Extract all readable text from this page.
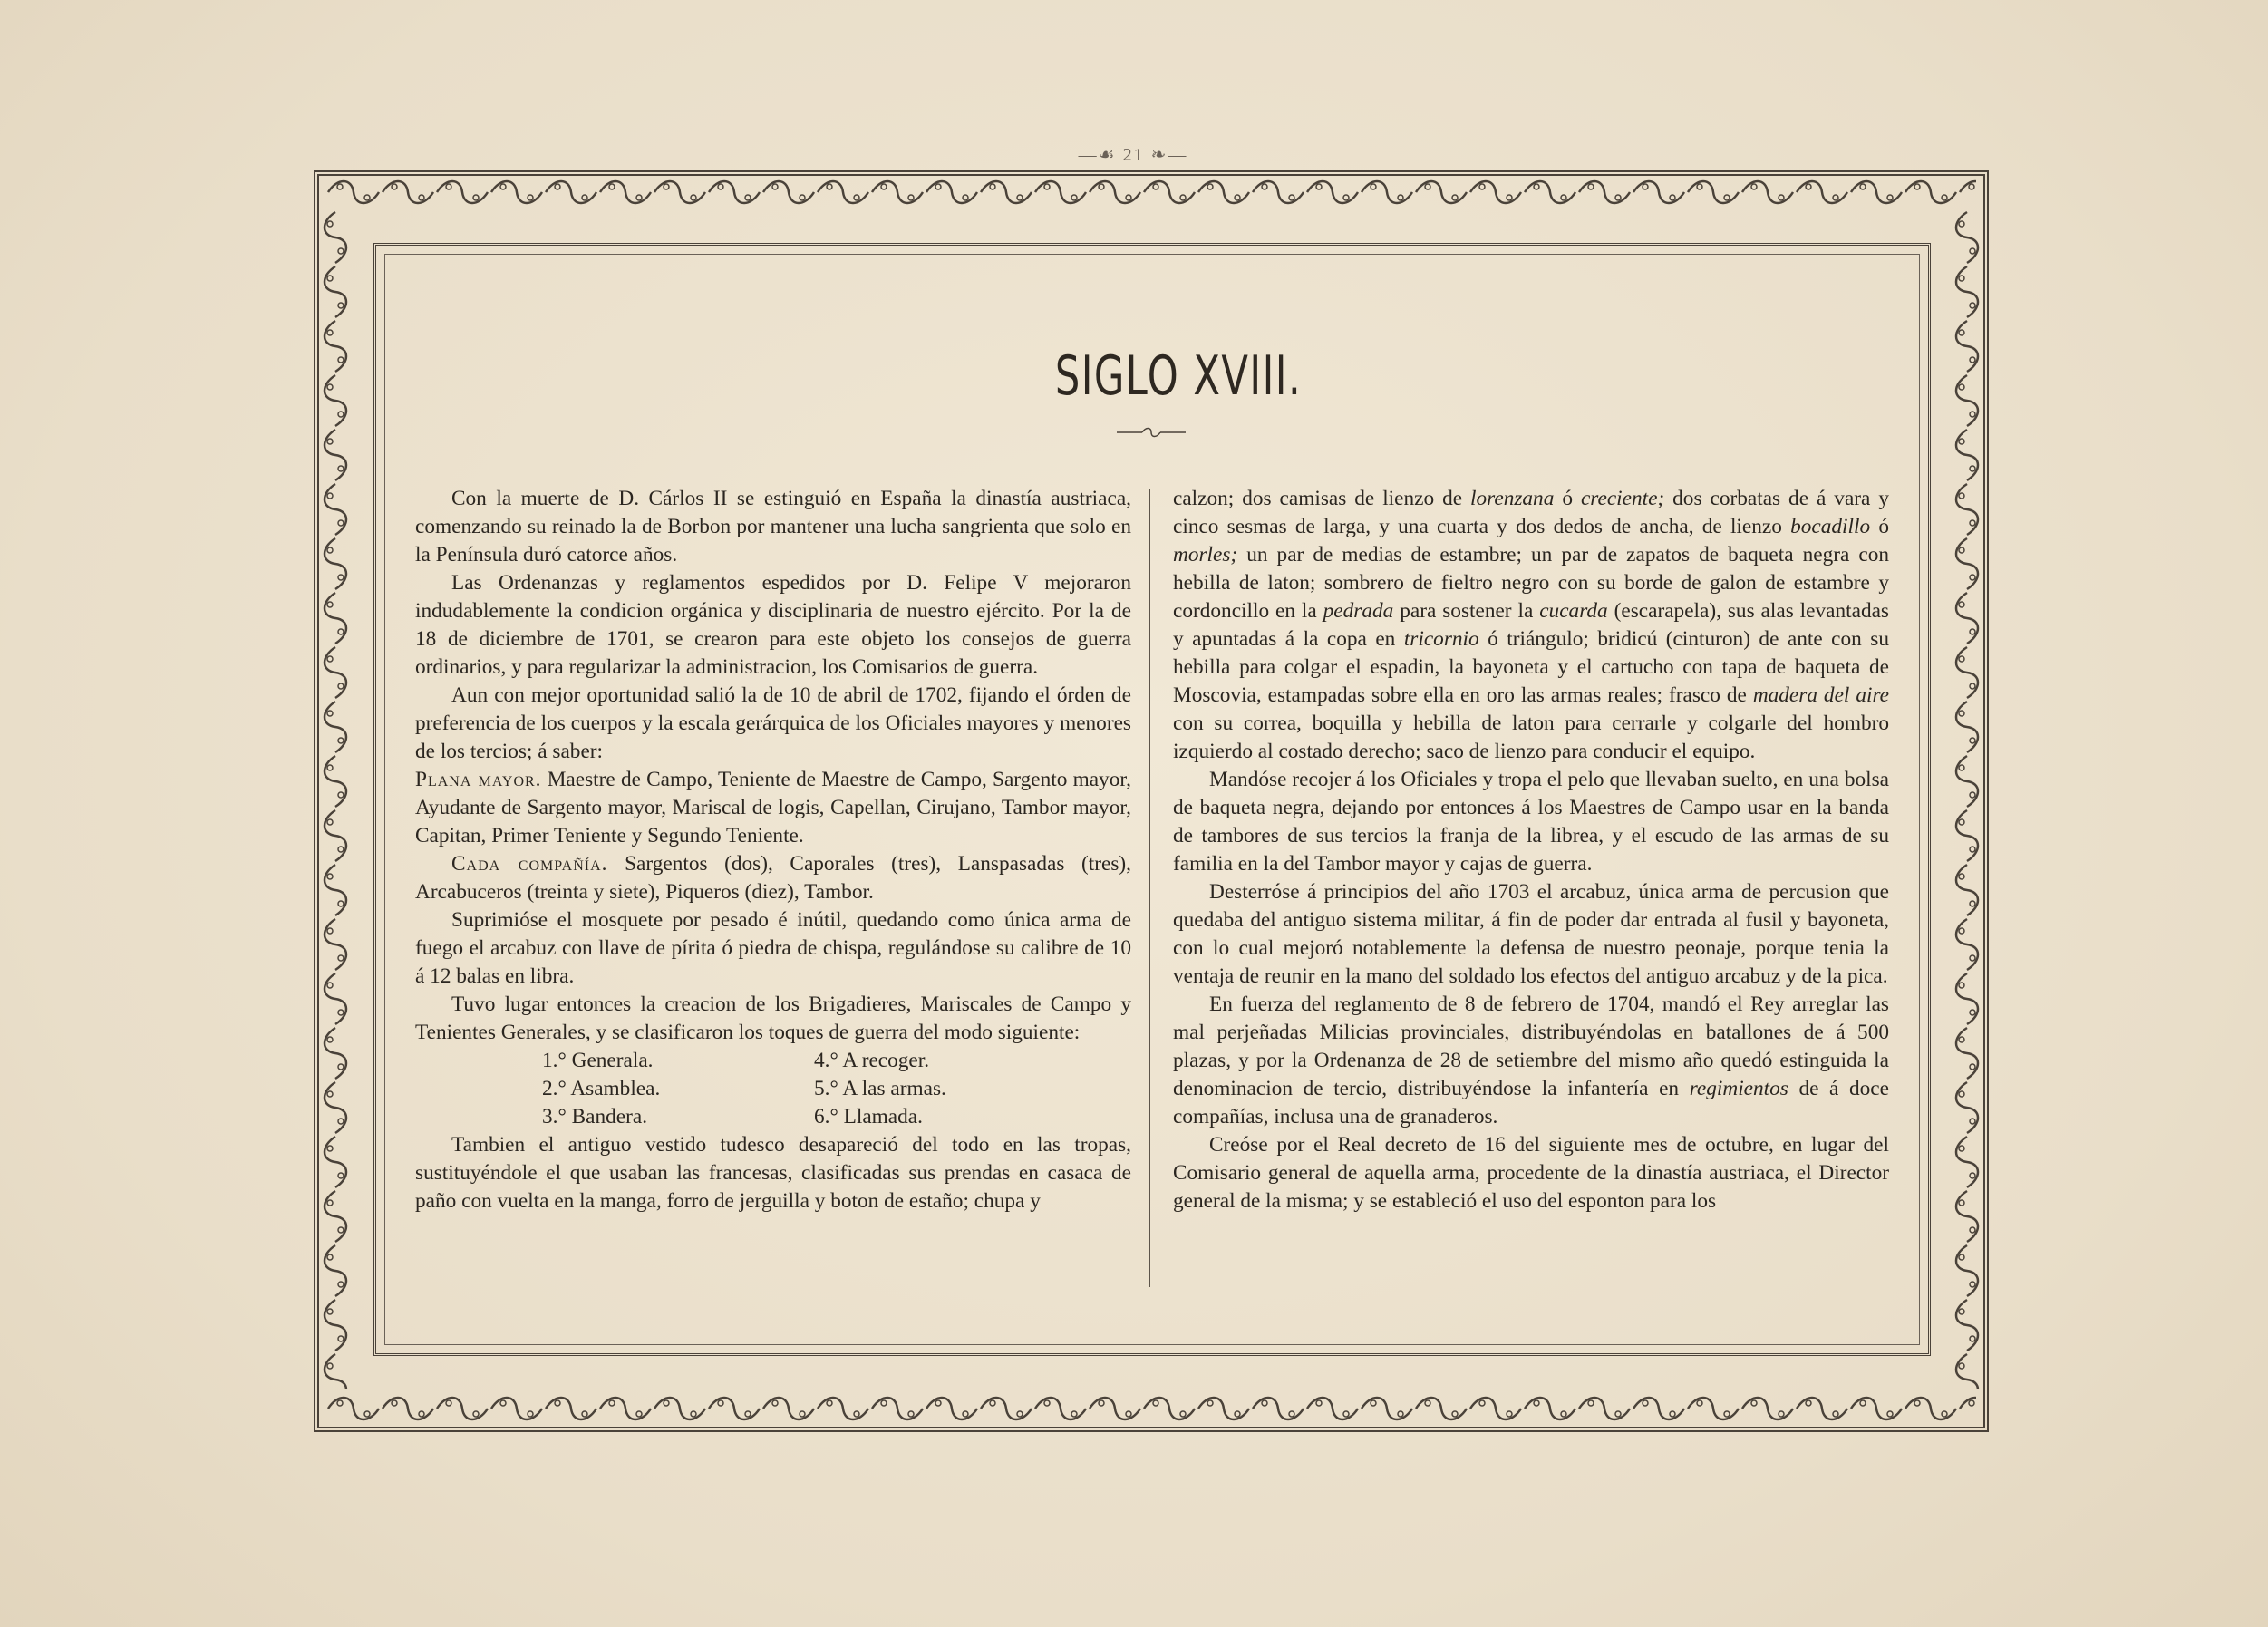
—☙ 21 ❧—
SIGLO XVIII.

Con la muerte de D. Cárlos II se estinguió en España la dinastía austriaca, comenzando su reinado la de Borbon por mantener una lucha sangrienta que solo en la Península duró catorce años.

Las Ordenanzas y reglamentos espedidos por D. Felipe V mejoraron indudablemente la condicion orgánica y disciplinaria de nuestro ejército. Por la de 18 de diciembre de 1701, se crearon para este objeto los consejos de guerra ordinarios, y para regularizar la administracion, los Comisarios de guerra.

Aun con mejor oportunidad salió la de 10 de abril de 1702, fijando el órden de preferencia de los cuerpos y la escala gerárquica de los Oficiales mayores y menores de los tercios; á saber:

Plana mayor. Maestre de Campo, Teniente de Maestre de Campo, Sargento mayor, Ayudante de Sargento mayor, Mariscal de logis, Capellan, Cirujano, Tambor mayor, Capitan, Primer Teniente y Segundo Teniente.

Cada compañía. Sargentos (dos), Caporales (tres), Lanspasadas (tres), Arcabuceros (treinta y siete), Piqueros (diez), Tambor.

Suprimióse el mosquete por pesado é inútil, quedando como única arma de fuego el arcabuz con llave de pírita ó piedra de chispa, regulándose su calibre de 10 á 12 balas en libra.

Tuvo lugar entonces la creacion de los Brigadieres, Mariscales de Campo y Tenientes Generales, y se clasificaron los toques de guerra del modo siguiente:

1.° Generala.	4.° A recoger.
2.° Asamblea.	5.° A las armas.
3.° Bandera.	6.° Llamada.

Tambien el antiguo vestido tudesco desapareció del todo en las tropas, sustituyéndole el que usaban las francesas, clasificadas sus prendas en casaca de paño con vuelta en la manga, forro de jerguilla y boton de estaño; chupa y

calzon; dos camisas de lienzo de lorenzana ó creciente; dos corbatas de á vara y cinco sesmas de larga, y una cuarta y dos dedos de ancha, de lienzo bocadillo ó morles; un par de medias de estambre; un par de zapatos de baqueta negra con hebilla de laton; sombrero de fieltro negro con su borde de galon de estambre y cordoncillo en la pedrada para sostener la cucarda (escarapela), sus alas levantadas y apuntadas á la copa en tricornio ó triángulo; bridicú (cinturon) de ante con su hebilla para colgar el espadin, la bayoneta y el cartucho con tapa de baqueta de Moscovia, estampadas sobre ella en oro las armas reales; frasco de madera del aire con su correa, boquilla y hebilla de laton para cerrarle y colgarle del hombro izquierdo al costado derecho; saco de lienzo para conducir el equipo.

Mandóse recojer á los Oficiales y tropa el pelo que llevaban suelto, en una bolsa de baqueta negra, dejando por entonces á los Maestres de Campo usar en la banda de tambores de sus tercios la franja de la librea, y el escudo de las armas de su familia en la del Tambor mayor y cajas de guerra.

Desterróse á principios del año 1703 el arcabuz, única arma de percusion que quedaba del antiguo sistema militar, á fin de poder dar entrada al fusil y bayoneta, con lo cual mejoró notablemente la defensa de nuestro peonaje, porque tenia la ventaja de reunir en la mano del soldado los efectos del antiguo arcabuz y de la pica.

En fuerza del reglamento de 8 de febrero de 1704, mandó el Rey arreglar las mal perjeñadas Milicias provinciales, distribuyéndolas en batallones de á 500 plazas, y por la Ordenanza de 28 de setiembre del mismo año quedó estinguida la denominacion de tercio, distribuyéndose la infantería en regimientos de á doce compañías, inclusa una de granaderos.

Creóse por el Real decreto de 16 del siguiente mes de octubre, en lugar del Comisario general de aquella arma, procedente de la dinastía austriaca, el Director general de la misma; y se estableció el uso del esponton para los
